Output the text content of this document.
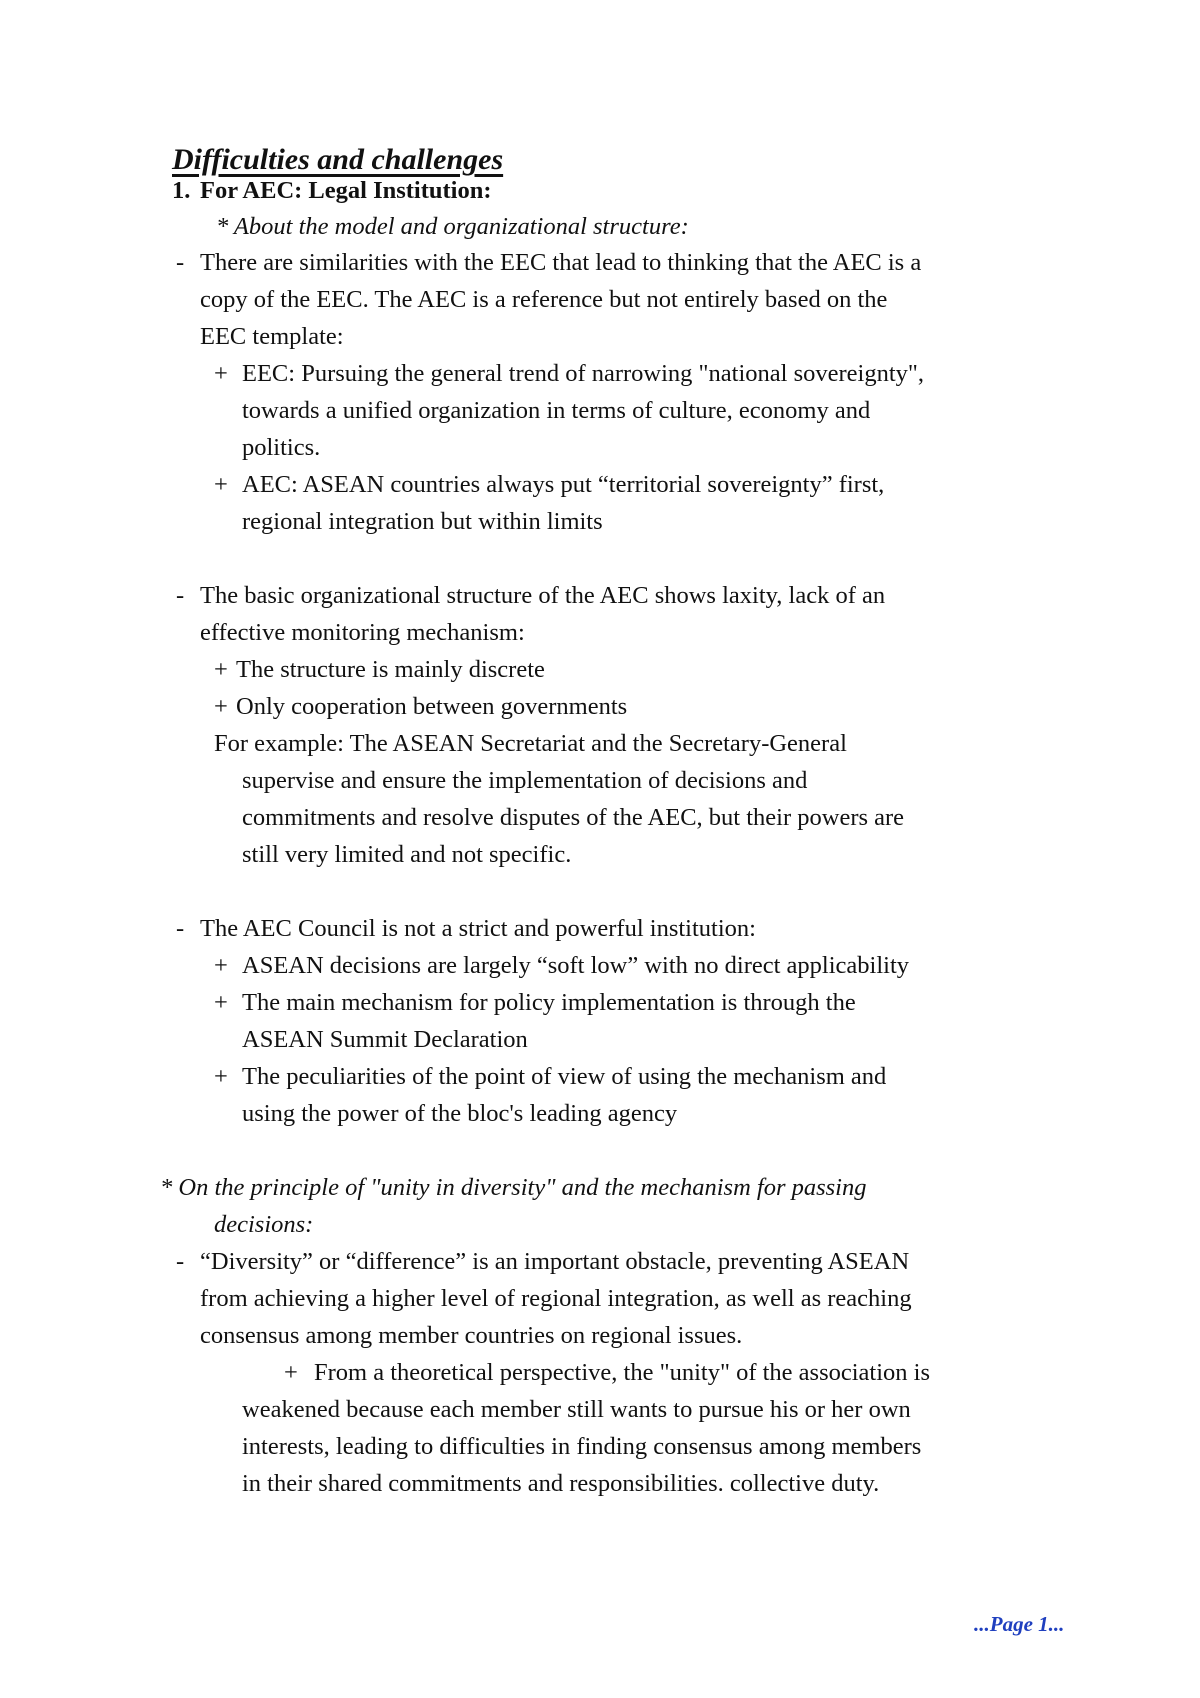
Difficulties and challenges

1. For AEC: Legal Institution:

* About the model and organizational structure:

- There are similarities with the EEC that lead to thinking that the AEC is a

copy of the EEC. The AEC is a reference but not entirely based on the

EEC template:

+ EEC: Pursuing the general trend of narrowing "national sovereignty",

towards a unified organization in terms of culture, economy and

politics.

+ AEC: ASEAN countries always put “territorial sovereignty” first,

regional integration but within limits

- The basic organizational structure of the AEC shows laxity, lack of an

effective monitoring mechanism:

+ The structure is mainly discrete

+ Only cooperation between governments

For example: The ASEAN Secretariat and the Secretary-General

supervise and ensure the implementation of decisions and

commitments and resolve disputes of the AEC, but their powers are

still very limited and not specific.

- The AEC Council is not a strict and powerful institution:

+ ASEAN decisions are largely “soft low” with no direct applicability

+ The main mechanism for policy implementation is through the

ASEAN Summit Declaration

+ The peculiarities of the point of view of using the mechanism and

using the power of the bloc's leading agency

* On the principle of "unity in diversity" and the mechanism for passing

decisions:

- “Diversity” or “difference” is an important obstacle, preventing ASEAN

from achieving a higher level of regional integration, as well as reaching

consensus among member countries on regional issues.

+ From a theoretical perspective, the "unity" of the association is

weakened because each member still wants to pursue his or her own

interests, leading to difficulties in finding consensus among members

in their shared commitments and responsibilities. collective duty.

...Page 1...
